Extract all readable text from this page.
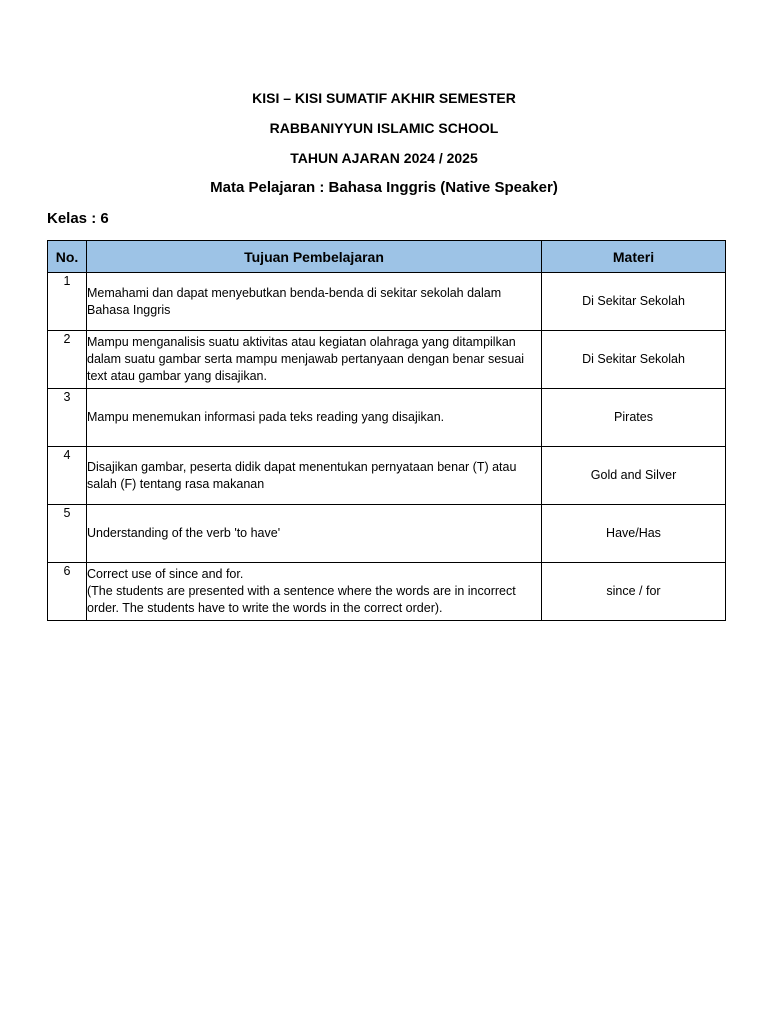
KISI – KISI SUMATIF AKHIR SEMESTER
RABBANIYYUN ISLAMIC SCHOOL
TAHUN AJARAN 2024 / 2025
Mata Pelajaran : Bahasa Inggris (Native Speaker)
Kelas : 6
No.	Tujuan Pembelajaran	Materi
1	Memahami dan dapat menyebutkan benda-benda di sekitar sekolah dalam Bahasa Inggris	Di Sekitar Sekolah
2	Mampu menganalisis suatu aktivitas atau kegiatan olahraga yang ditampilkan dalam suatu gambar serta mampu menjawab pertanyaan dengan benar sesuai text atau gambar yang disajikan.	Di Sekitar Sekolah
3	Mampu menemukan informasi pada teks reading yang disajikan.	Pirates
4	Disajikan gambar, peserta didik dapat menentukan pernyataan benar (T) atau salah (F) tentang rasa makanan	Gold and Silver
5	Understanding of the verb 'to have'	Have/Has
6	Correct use of since and for.
(The students are presented with a sentence where the words are in incorrect order. The students have to write the words in the correct order).	since / for
